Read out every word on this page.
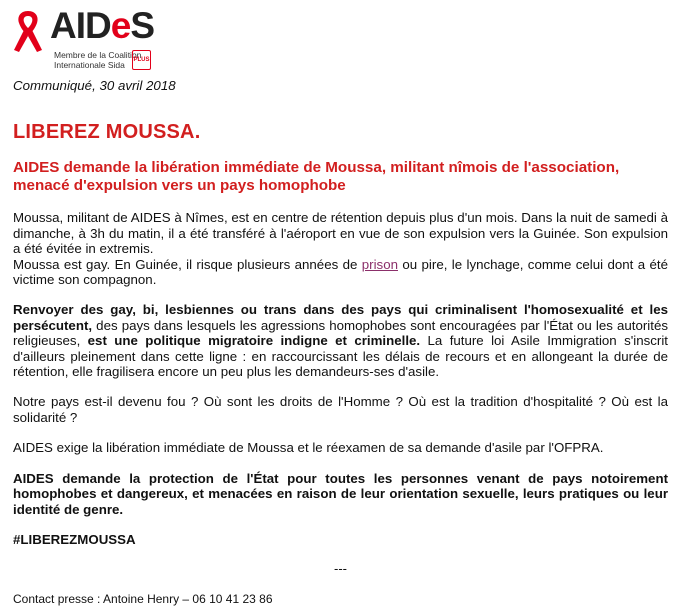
AIDeS
Membre de la Coalition
Internationale Sida	PLUS

Communiqué, 30 avril 2018

LIBEREZ MOUSSA.
AIDES demande la libération immédiate de Moussa, militant nîmois de l'association, menacé d'expulsion vers un pays homophobe

Moussa, militant de AIDES à Nîmes, est en centre de rétention depuis plus d'un mois. Dans la nuit de samedi à dimanche, à 3h du matin, il a été transféré à l'aéroport en vue de son expulsion vers la Guinée. Son expulsion a été évitée in extremis.
Moussa est gay. En Guinée, il risque plusieurs années de prison ou pire, le lynchage, comme celui dont a été victime son compagnon.

Renvoyer des gay, bi, lesbiennes ou trans dans des pays qui criminalisent l'homosexualité et les persécutent, des pays dans lesquels les agressions homophobes sont encouragées par l'État ou les autorités religieuses, est une politique migratoire indigne et criminelle. La future loi Asile Immigration s'inscrit d'ailleurs pleinement dans cette ligne : en raccourcissant les délais de recours et en allongeant la durée de rétention, elle fragilisera encore un peu plus les demandeurs-ses d'asile.

Notre pays est-il devenu fou ? Où sont les droits de l'Homme ? Où est la tradition d'hospitalité ? Où est la solidarité ?

AIDES exige la libération immédiate de Moussa et le réexamen de sa demande d'asile par l'OFPRA.

AIDES demande la protection de l'État pour toutes les personnes venant de pays notoirement homophobes et dangereux, et menacées en raison de leur orientation sexuelle, leurs pratiques ou leur identité de genre.

#LIBEREZMOUSSA
---
Contact presse : Antoine Henry – 06 10 41 23 86
